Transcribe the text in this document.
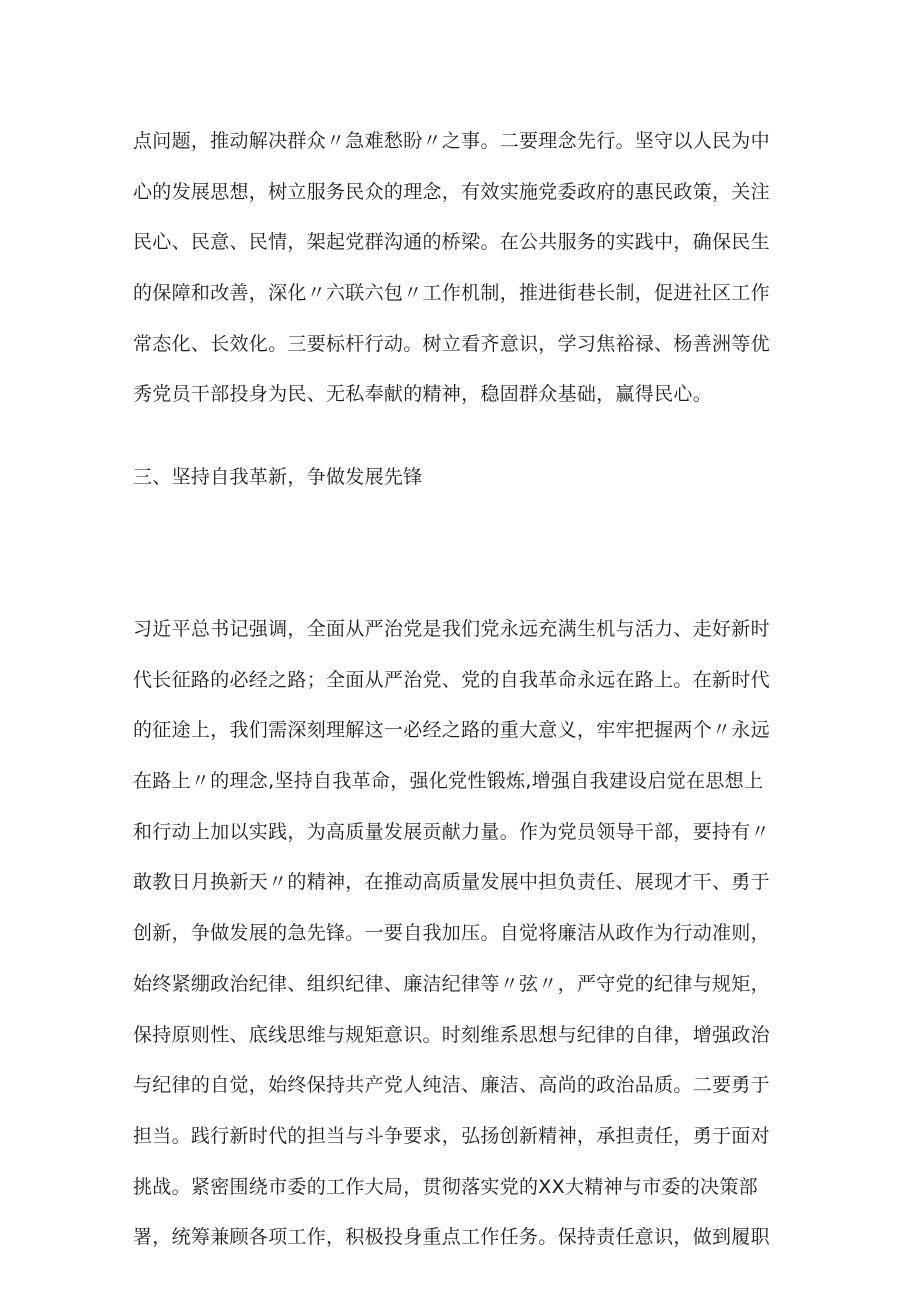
点问题，推动解决群众〃急难愁盼〃之事。二要理念先行。坚守以人民为中
心的发展思想，树立服务民众的理念，有效实施党委政府的惠民政策，关注
民心、民意、民情，架起党群沟通的桥梁。在公共服务的实践中，确保民生
的保障和改善，深化〃六联六包〃工作机制，推进街巷长制，促进社区工作
常态化、长效化。三要标杆行动。树立看齐意识，学习焦裕禄、杨善洲等优
秀党员干部投身为民、无私奉献的精神，稳固群众基础，赢得民心。
三、坚持自我革新，争做发展先锋
习近平总书记强调，全面从严治党是我们党永远充满生机与活力、走好新时
代长征路的必经之路；全面从严治党、党的自我革命永远在路上。在新时代
的征途上，我们需深刻理解这一必经之路的重大意义，牢牢把握两个〃永远
在路上〃的理念,坚持自我革命，强化党性锻炼,增强自我建设启觉在思想上
和行动上加以实践，为高质量发展贡献力量。作为党员领导干部，要持有〃
敢教日月换新天〃的精神，在推动高质量发展中担负责任、展现才干、勇于
创新，争做发展的急先锋。一要自我加压。自觉将廉洁从政作为行动准则，
始终紧绷政治纪律、组织纪律、廉洁纪律等〃弦〃，严守党的纪律与规矩，
保持原则性、底线思维与规矩意识。时刻维系思想与纪律的自律，增强政治
与纪律的自觉，始终保持共产党人纯洁、廉洁、高尚的政治品质。二要勇于
担当。践行新时代的担当与斗争要求，弘扬创新精神，承担责任，勇于面对
挑战。紧密围绕市委的工作大局，贯彻落实党的XX大精神与市委的决策部
署，统筹兼顾各项工作，积极投身重点工作任务。保持责任意识，做到履职
